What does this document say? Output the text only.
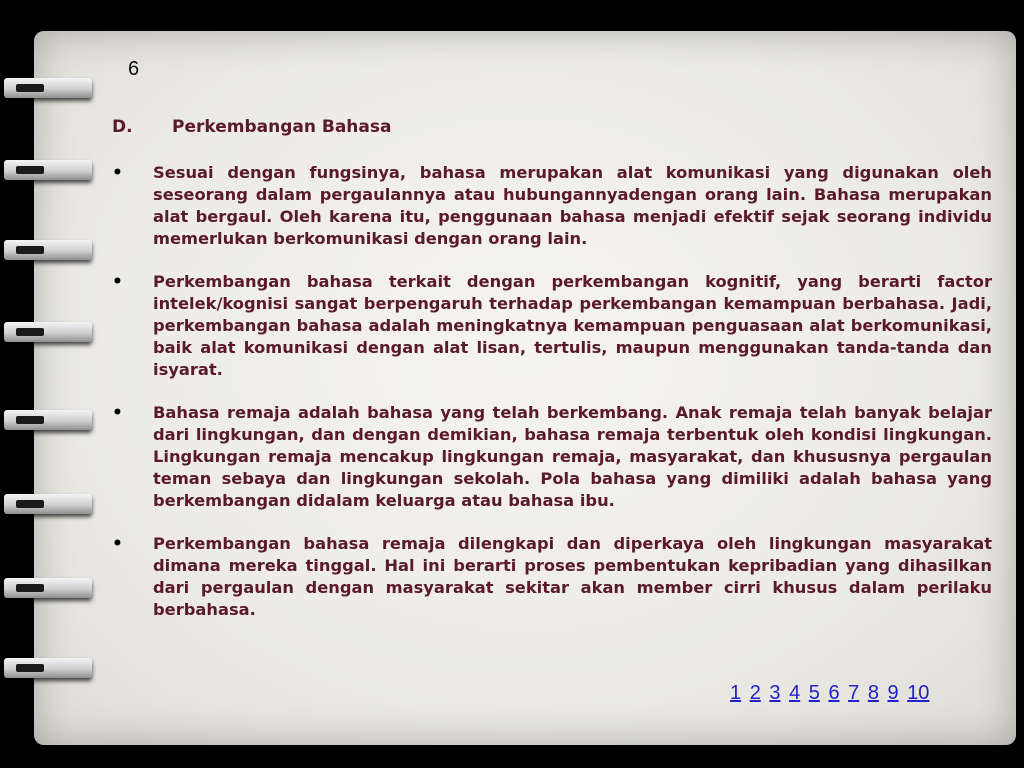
6
D.	Perkembangan Bahasa
•	Sesuai dengan fungsinya, bahasa merupakan alat komunikasi yang digunakan oleh seseorang dalam pergaulannya atau hubungannyadengan orang lain. Bahasa merupakan alat bergaul. Oleh karena itu, penggunaan bahasa menjadi efektif sejak seorang individu memerlukan berkomunikasi dengan orang lain.
•	Perkembangan bahasa terkait dengan perkembangan kognitif, yang berarti factor intelek/kognisi sangat berpengaruh terhadap perkembangan kemampuan berbahasa. Jadi, perkembangan bahasa adalah meningkatnya kemampuan penguasaan alat berkomunikasi, baik alat komunikasi dengan alat lisan, tertulis, maupun menggunakan tanda-tanda dan isyarat.
•	Bahasa remaja adalah bahasa yang telah berkembang. Anak remaja telah banyak belajar dari lingkungan, dan dengan demikian, bahasa remaja terbentuk oleh kondisi lingkungan. Lingkungan remaja mencakup lingkungan remaja, masyarakat, dan khususnya pergaulan teman sebaya dan lingkungan sekolah. Pola bahasa yang dimiliki adalah bahasa yang berkembangan didalam keluarga atau bahasa ibu.
•	Perkembangan bahasa remaja dilengkapi dan diperkaya oleh lingkungan masyarakat dimana mereka tinggal. Hal ini berarti proses pembentukan kepribadian yang dihasilkan dari pergaulan dengan masyarakat sekitar akan member cirri khusus dalam perilaku berbahasa.
1 2 3 4 5 6 7 8 9 10
